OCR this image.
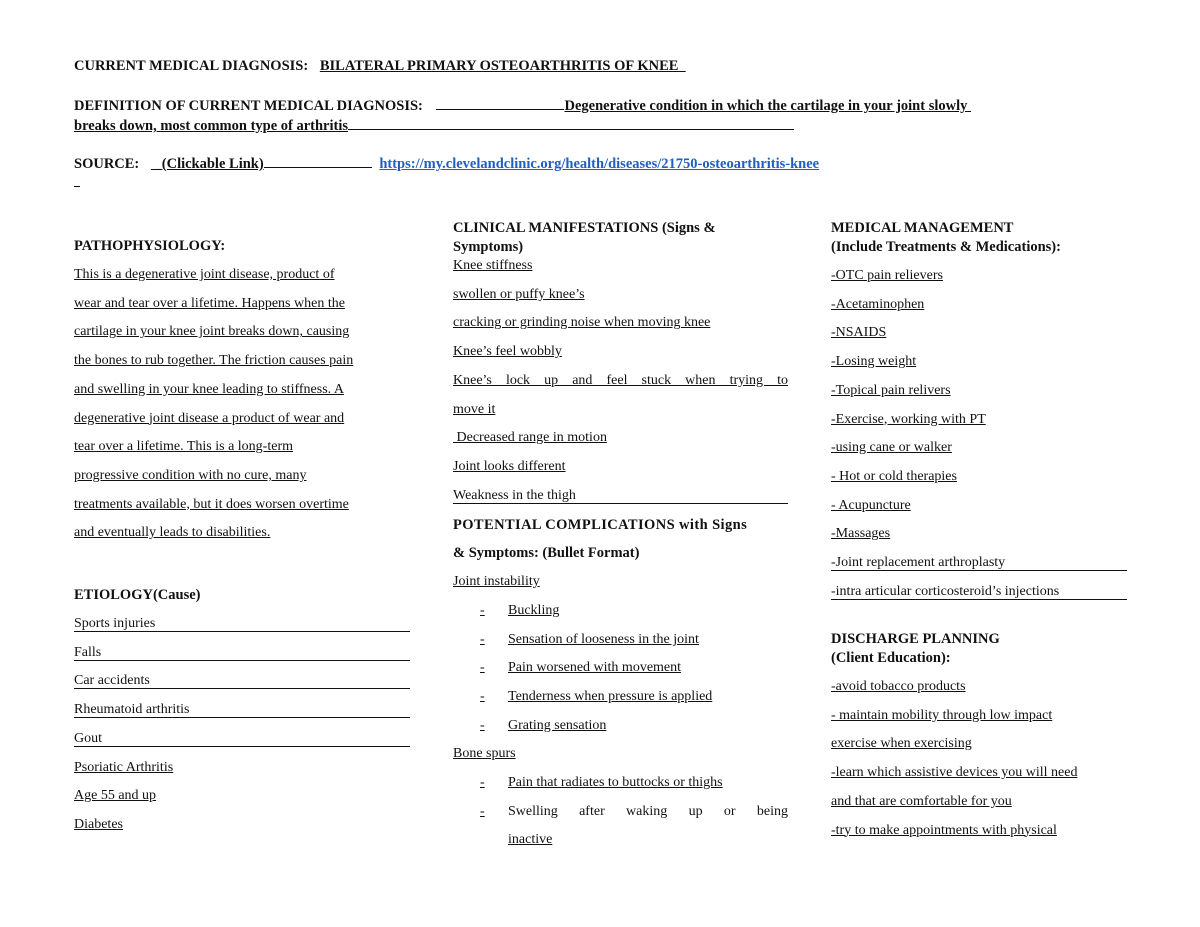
CURRENT MEDICAL DIAGNOSIS: BILATERAL PRIMARY OSTEOARTHRITIS OF KNEE
DEFINITION OF CURRENT MEDICAL DIAGNOSIS:	Degenerative condition in which the cartilage in your joint slowly
breaks down, most common type of arthritis
SOURCE:  _(Clickable Link)	https://my.clevelandclinic.org/health/diseases/21750-osteoarthritis-knee
PATHOPHYSIOLOGY:
This is a degenerative joint disease, product of
wear and tear over a lifetime. Happens when the
cartilage in your knee joint breaks down, causing
the bones to rub together. The friction causes pain
and swelling in your knee leading to stiffness. A
degenerative joint disease a product of wear and
tear over a lifetime. This is a long-term
progressive condition with no cure, many
treatments available, but it does worsen overtime
and eventually leads to disabilities.
ETIOLOGY(Cause)
Sports injuries
Falls
Car accidents
Rheumatoid arthritis
Gout
Psoriatic Arthritis
Age 55 and up
Diabetes
CLINICAL MANIFESTATIONS (Signs &
Symptoms)
Knee stiffness
swollen or puffy knee’s
cracking or grinding noise when moving knee
Knee’s feel wobbly
Knee’s lock up and feel stuck when trying to
move it
Decreased range in motion
Joint looks different
Weakness in the thigh
POTENTIAL COMPLICATIONS with Signs
& Symptoms: (Bullet Format)
Joint instability
- Buckling
- Sensation of looseness in the joint
- Pain worsened with movement
- Tenderness when pressure is applied
- Grating sensation
Bone spurs
- Pain that radiates to buttocks or thighs
- Swelling after waking up or being
inactive
MEDICAL MANAGEMENT
(Include Treatments & Medications):
-OTC pain relievers
-Acetaminophen
-NSAIDS
-Losing weight
-Topical pain relivers
-Exercise, working with PT
-using cane or walker
- Hot or cold therapies
- Acupuncture
-Massages
-Joint replacement arthroplasty
-intra articular corticosteroid’s injections
DISCHARGE PLANNING
(Client Education):
-avoid tobacco products
- maintain mobility through low impact
exercise when exercising
-learn which assistive devices you will need
and that are comfortable for you
-try to make appointments with physical
